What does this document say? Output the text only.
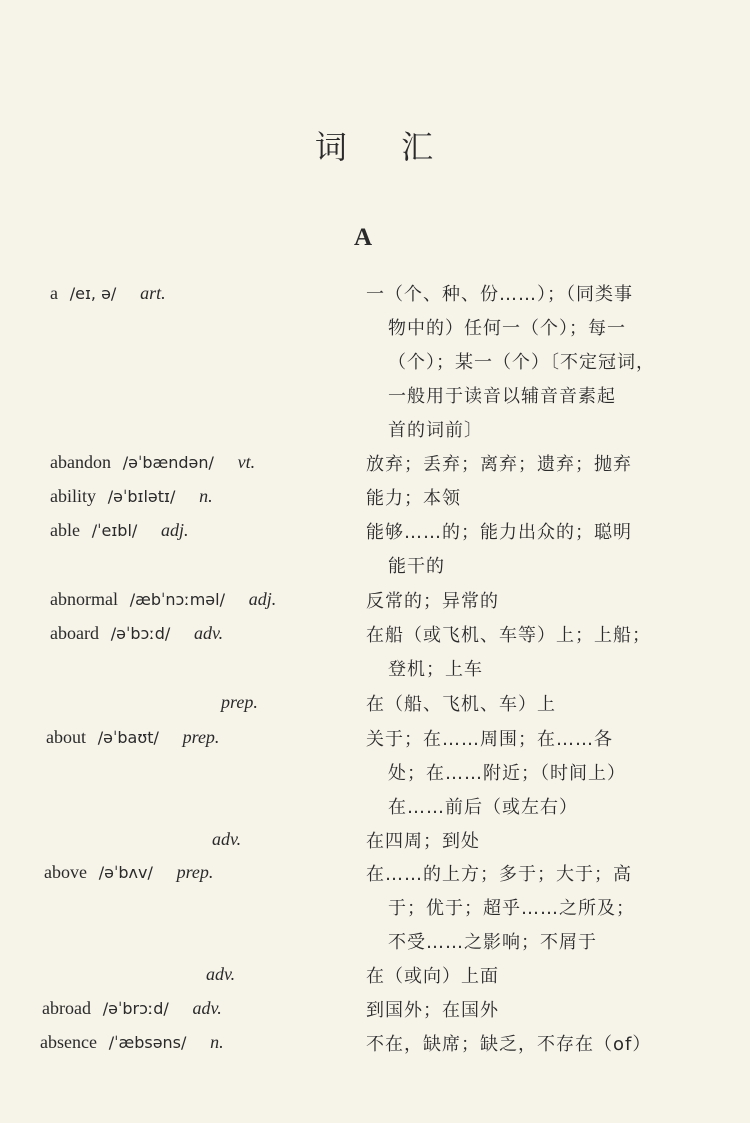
词 汇
A
a /eɪ, ə/ art.	一（个、种、份……）；（同类事
物中的）任何一（个）；每一
（个）；某一（个）〔不定冠词，
一般用于读音以辅音音素起
首的词前〕
abandon /əˈbændən/ vt.	放弃；丢弃；离弃；遗弃；抛弃
ability /əˈbɪlətɪ/ n.	能力；本领
able /ˈeɪbl/ adj.	能够……的；能力出众的；聪明
能干的
abnormal /æbˈnɔːməl/ adj.	反常的；异常的
aboard /əˈbɔːd/ adv.	在船（或飞机、车等）上；上船；
登机；上车
prep.	在（船、飞机、车）上
about /əˈbaʊt/ prep.	关于；在……周围；在……各
处；在……附近；（时间上）
在……前后（或左右）
adv.	在四周；到处
above /əˈbʌv/ prep.	在……的上方；多于；大于；高
于；优于；超乎……之所及；
不受……之影响；不屑于
adv.	在（或向）上面
abroad /əˈbrɔːd/ adv.	到国外；在国外
absence /ˈæbsəns/ n.	不在，缺席；缺乏，不存在（of）
